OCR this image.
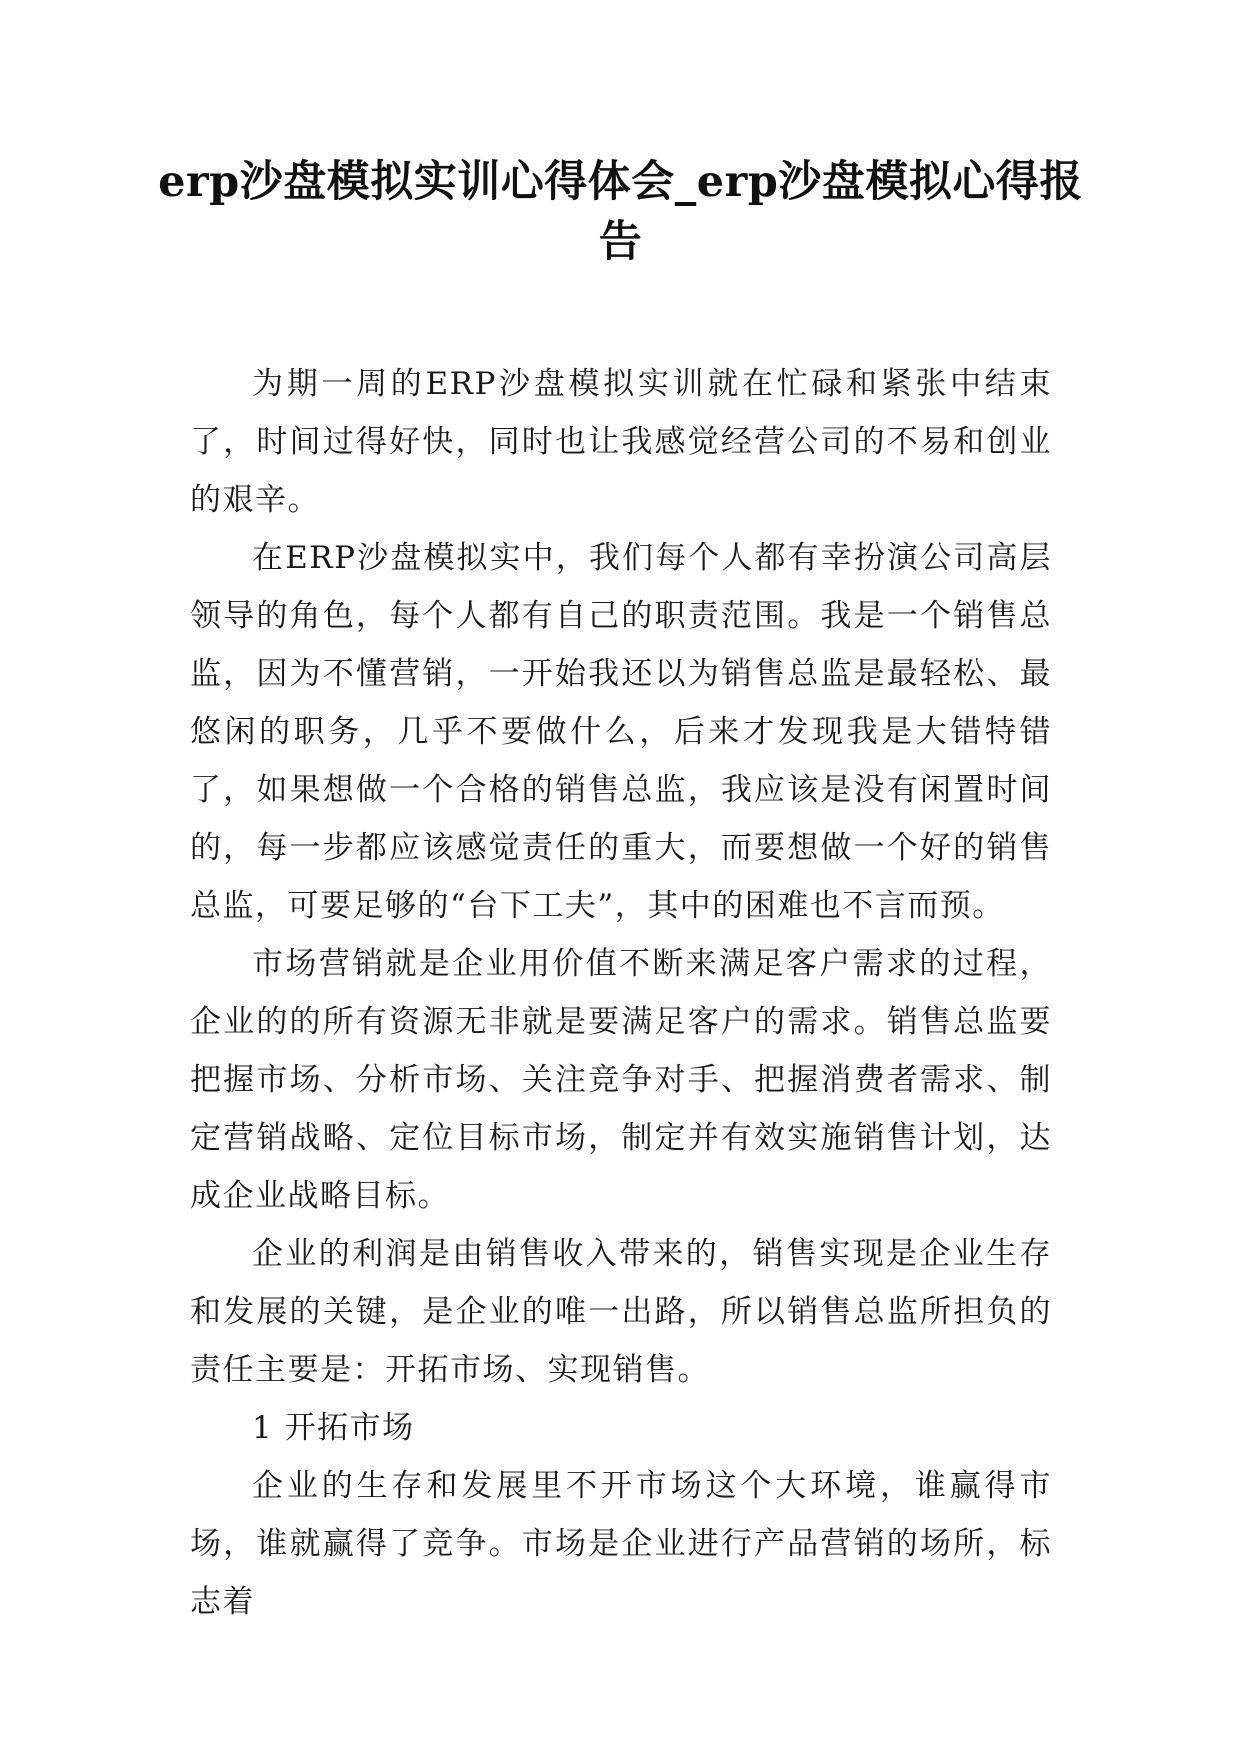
erp沙盘模拟实训心得体会_erp沙盘模拟心得报告

为期一周的ERP沙盘模拟实训就在忙碌和紧张中结束了，时间过得好快，同时也让我感觉经营公司的不易和创业的艰辛。

在ERP沙盘模拟实中，我们每个人都有幸扮演公司高层领导的角色，每个人都有自己的职责范围。我是一个销售总监，因为不懂营销，一开始我还以为销售总监是最轻松、最悠闲的职务，几乎不要做什么，后来才发现我是大错特错了，如果想做一个合格的销售总监，我应该是没有闲置时间的，每一步都应该感觉责任的重大，而要想做一个好的销售总监，可要足够的“台下工夫”，其中的困难也不言而预。

市场营销就是企业用价值不断来满足客户需求的过程，企业的的所有资源无非就是要满足客户的需求。销售总监要把握市场、分析市场、关注竞争对手、把握消费者需求、制定营销战略、定位目标市场，制定并有效实施销售计划，达成企业战略目标。

企业的利润是由销售收入带来的，销售实现是企业生存和发展的关键，是企业的唯一出路，所以销售总监所担负的责任主要是：开拓市场、实现销售。

1 开拓市场

企业的生存和发展里不开市场这个大环境，谁赢得市场，谁就赢得了竞争。市场是企业进行产品营销的场所，标志着
